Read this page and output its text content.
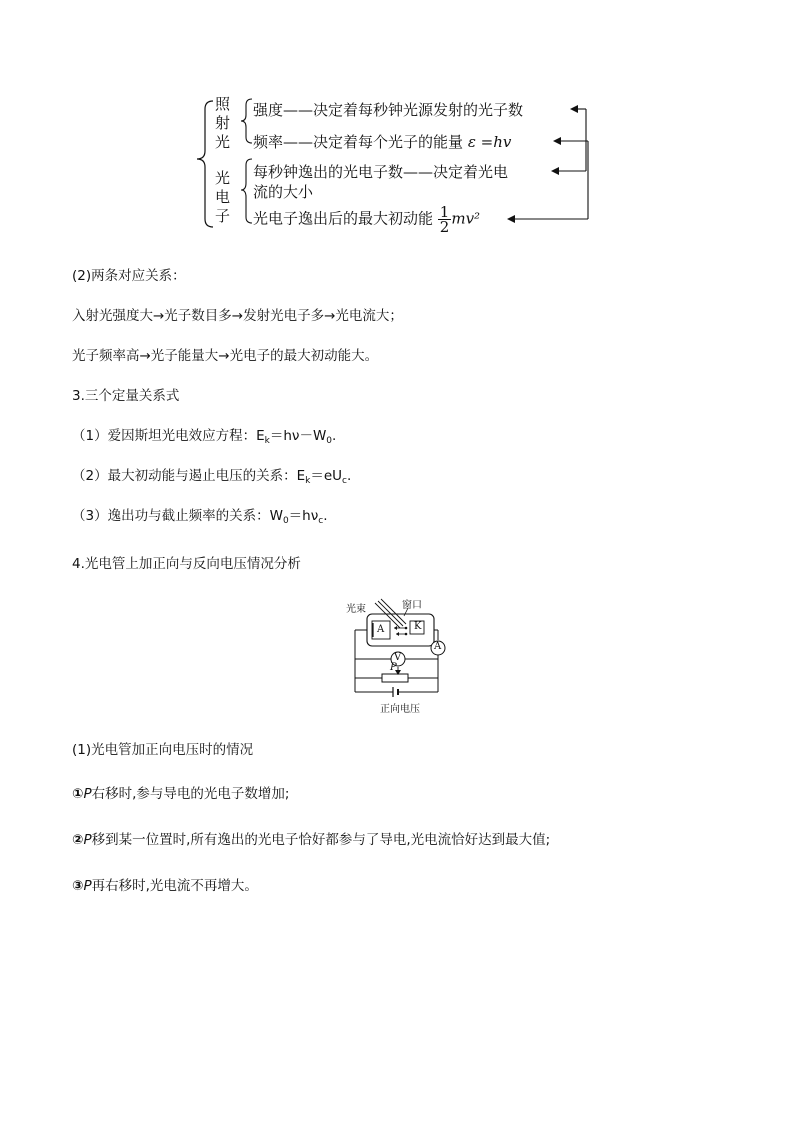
照
射
光
光
电
子
强度——决定着每秒钟光源发射的光子数
频率——决定着每个光子的能量 ε =hv
每秒钟逸出的光电子数——决定着光电
流的大小
光电子逸出后的最大初动能 $\frac{1}{2} mv^2$
(2)两条对应关系：
入射光强度大→光子数目多→发射光电子多→光电流大；
光子频率高→光子能量大→光电子的最大初动能大。
3.三个定量关系式
（1）爱因斯坦光电效应方程：$E_k=h\nu-W_0$.
（2）最大初动能与遏止电压的关系：$E_k=eU_c$.
（3）逸出功与截止频率的关系：$W_0=h\nu_c$.
4.光电管上加正向与反向电压情况分析
光束	窗口
A	K
A
V
P
正向电压
(1)光电管加正向电压时的情况
①P右移时,参与导电的光电子数增加;
②P移到某一位置时,所有逸出的光电子恰好都参与了导电,光电流恰好达到最大值;
③P再右移时,光电流不再增大。
